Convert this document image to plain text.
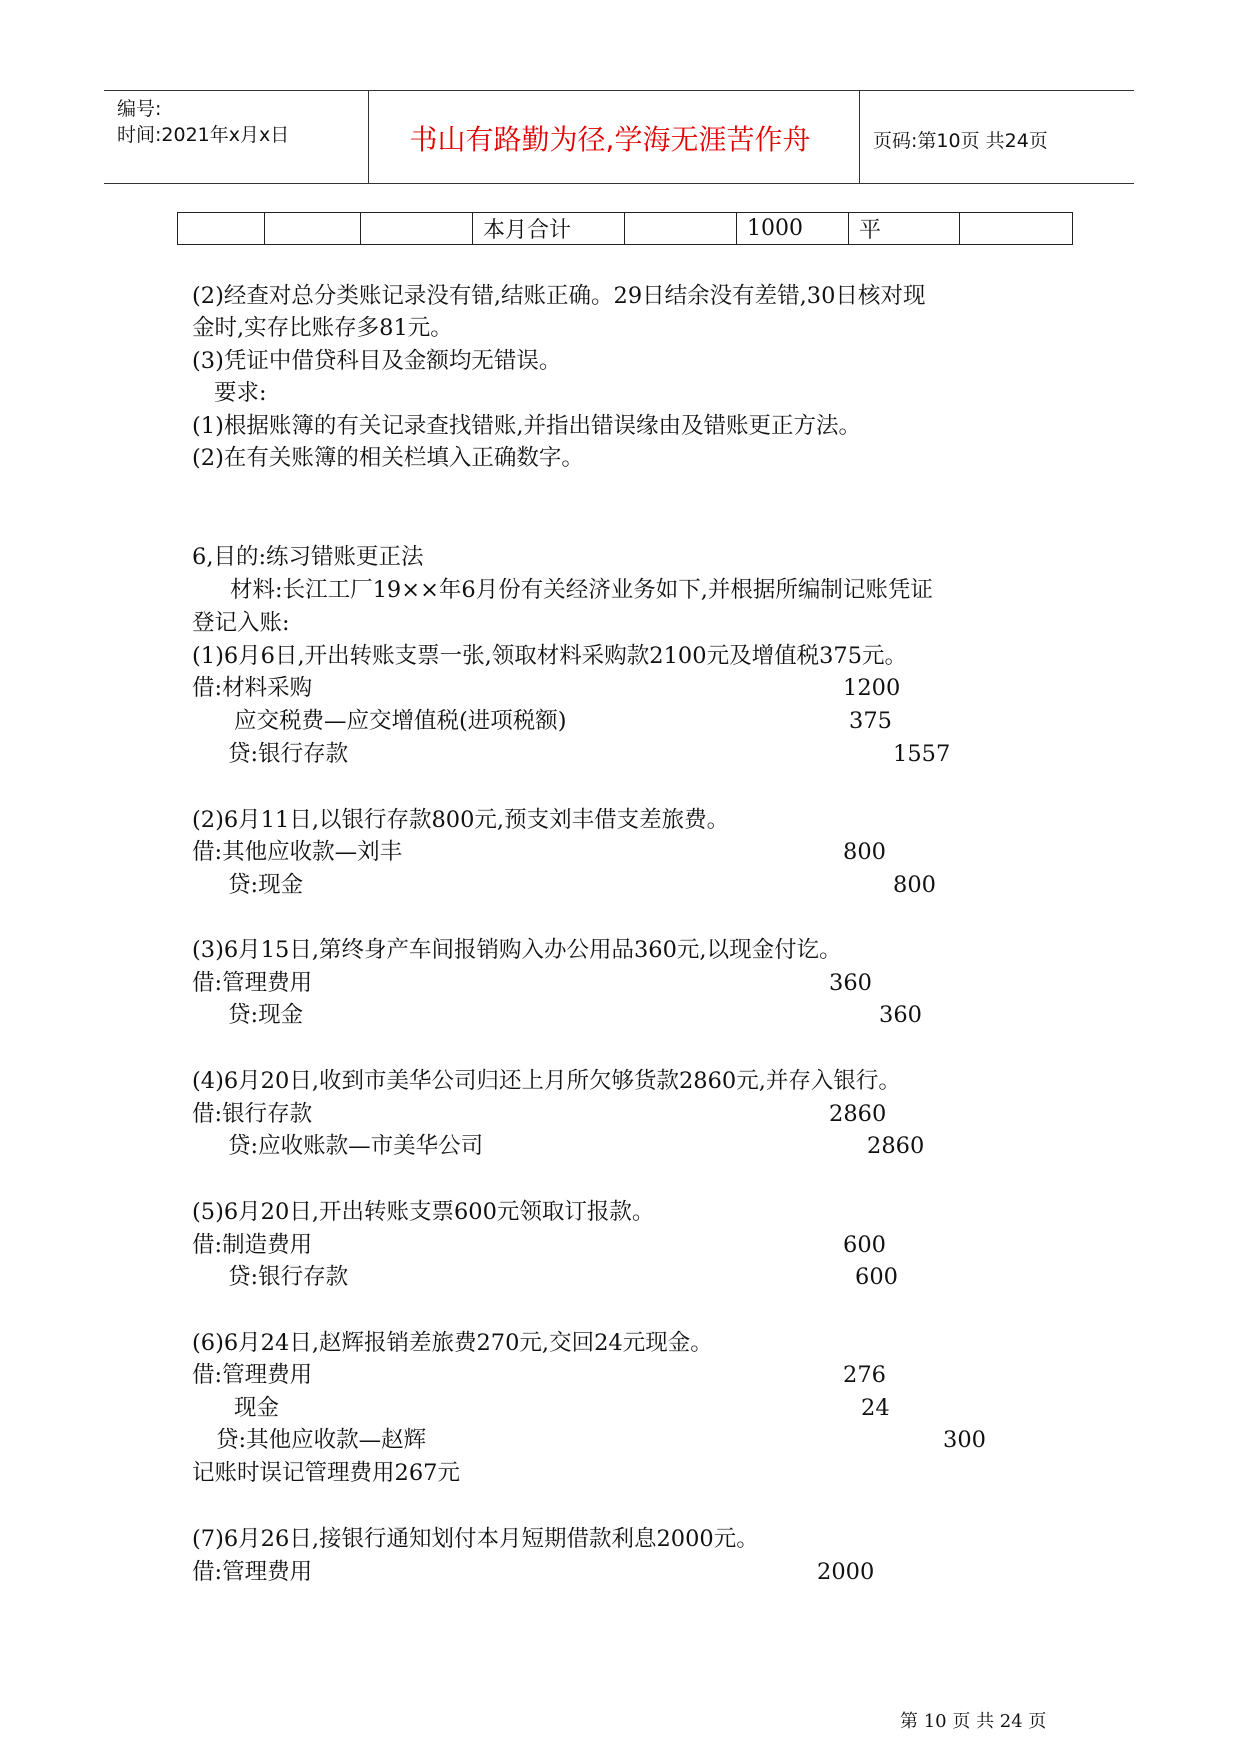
编号:
时间:2021年x月x日	书山有路勤为径,学海无涯苦作舟	页码:第10页 共24页
			本月合计		1000	平	
(2)经查对总分类账记录没有错,结账正确。29日结余没有差错,30日核对现
金时,实存比账存多81元。
(3)凭证中借贷科目及金额均无错误。
要求:
(1)根据账簿的有关记录查找错账,并指出错误缘由及错账更正方法。
(2)在有关账簿的相关栏填入正确数字。
6,目的:练习错账更正法
材料:长江工厂19××年6月份有关经济业务如下,并根据所编制记账凭证
登记入账:
(1)6月6日,开出转账支票一张,领取材料采购款2100元及增值税375元。
借:材料采购	1200
应交税费—应交增值税(进项税额)	375
贷:银行存款	1557
(2)6月11日,以银行存款800元,预支刘丰借支差旅费。
借:其他应收款—刘丰	800
贷:现金	800
(3)6月15日,第终身产车间报销购入办公用品360元,以现金付讫。
借:管理费用	360
贷:现金	360
(4)6月20日,收到市美华公司归还上月所欠够货款2860元,并存入银行。
借:银行存款	2860
贷:应收账款—市美华公司	2860
(5)6月20日,开出转账支票600元领取订报款。
借:制造费用	600
贷:银行存款	600
(6)6月24日,赵辉报销差旅费270元,交回24元现金。
借:管理费用	276
现金	24
贷:其他应收款—赵辉	300
记账时误记管理费用267元
(7)6月26日,接银行通知划付本月短期借款利息2000元。
借:管理费用	2000
第 10 页 共 24 页
